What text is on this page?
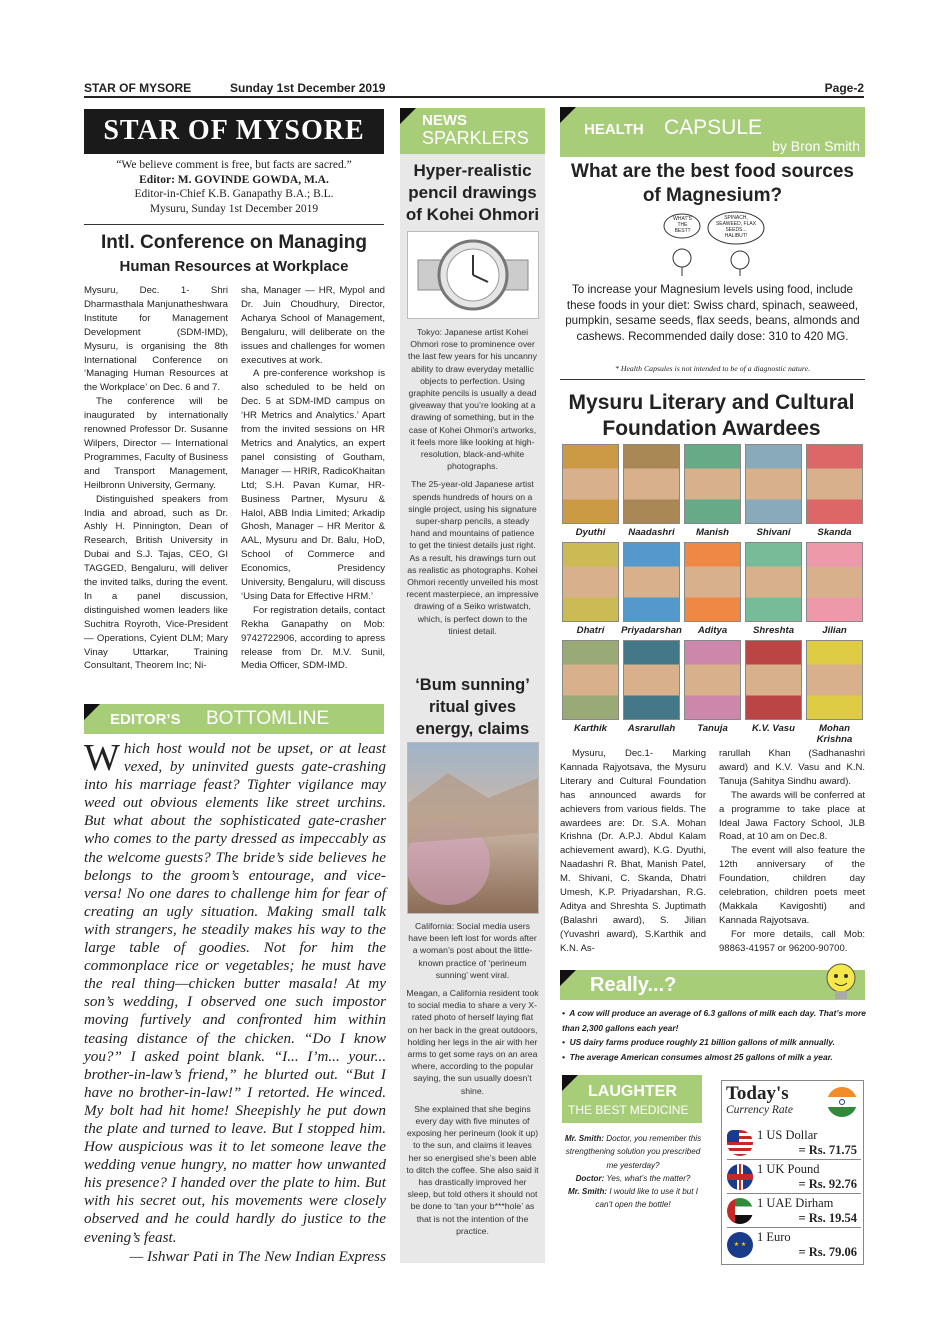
STAR OF MYSORE	Sunday 1st December 2019	Page-2
STAR OF MYSORE
“We believe comment is free, but facts are sacred.”
Editor: M. GOVINDE GOWDA, M.A.
Editor-in-Chief K.B. Ganapathy B.A.; B.L.
Mysuru, Sunday 1st December 2019
Intl. Conference on Managing
Human Resources at Workplace

Mysuru, Dec. 1- Shri Dharmasthala Manjunatheshwara Institute for Management Development (SDM-IMD), Mysuru, is organising the 8th International Conference on ‘Managing Human Resources at the Workplace’ on Dec. 6 and 7.

The conference will be inaugurated by internationally renowned Professor Dr. Susanne Wilpers, Director — International Programmes, Faculty of Business and Transport Management, Heilbronn University, Germany.

Distinguished speakers from India and abroad, such as Dr. Ashly H. Pinnington, Dean of Research, British University in Dubai and S.J. Tajas, CEO, GI TAGGED, Bengaluru, will deliver the invited talks, during the event. In a panel discussion, distinguished women leaders like Suchitra Royroth, Vice-President — Operations, Cyient DLM; Mary Vinay Uttarkar, Training Consultant, Theorem Inc; Ni-

sha, Manager — HR, Mypol and Dr. Juin Choudhury, Director, Acharya School of Management, Bengaluru, will deliberate on the issues and challenges for women executives at work.

A pre-conference workshop is also scheduled to be held on Dec. 5 at SDM-IMD campus on ‘HR Metrics and Analytics.’ Apart from the invited sessions on HR Metrics and Analytics, an expert panel consisting of Goutham, Manager — HRIR, RadicoKhaitan Ltd; S.H. Pavan Kumar, HR-Business Partner, Mysuru & Halol, ABB India Limited; Arkadip Ghosh, Manager – HR Meritor & AAL, Mysuru and Dr. Balu, HoD, School of Commerce and Economics, Presidency University, Bengaluru, will discuss ‘Using Data for Effective HRM.’

For registration details, contact Rekha Ganapathy on Mob: 9742722906, according to apress release from Dr. M.V. Sunil, Media Officer, SDM-IMD.

EDITOR’S BOTTOMLINE
Which host would not be upset, or at least vexed, by uninvited guests gate-crashing into his marriage feast? Tighter vigilance may weed out obvious elements like street urchins. But what about the sophisticated gate-crasher who comes to the party dressed as impeccably as the welcome guests? The bride’s side believes he belongs to the groom’s entourage, and vice-versa! No one dares to challenge him for fear of creating an ugly situation. Making small talk with strangers, he steadily makes his way to the large table of goodies. Not for him the commonplace rice or vegetables; he must have the real thing—chicken butter masala! At my son’s wedding, I observed one such impostor moving furtively and confronted him within teasing distance of the chicken. “Do I know you?” I asked point blank. “I... I’m... your... brother-in-law’s friend,” he blurted out. “But I have no brother-in-law!” I retorted. He winced. My bolt had hit home! Sheepishly he put down the plate and turned to leave. But I stopped him. How auspicious was it to let someone leave the wedding venue hungry, no matter how unwanted his presence? I handed over the plate to him. But with his secret out, his movements were closely observed and he could hardly do justice to the evening’s feast.
— Ishwar Pati in The New Indian Express
NEWS
SPARKLERS
Hyper-realistic pencil drawings of Kohei Ohmori

Tokyo: Japanese artist Kohei Ohmori rose to prominence over the last few years for his uncanny ability to draw everyday metallic objects to perfection. Using graphite pencils is usually a dead giveaway that you’re looking at a drawing of something, but in the case of Kohei Ohmori’s artworks, it feels more like looking at high-resolution, black-and-white photographs.

The 25-year-old Japanese artist spends hundreds of hours on a single project, using his signature super-sharp pencils, a steady hand and mountains of patience to get the tiniest details just right. As a result, his drawings turn out as realistic as photographs. Kohei Ohmori recently unveiled his most recent masterpiece, an impressive drawing of a Seiko wristwatch, which, is perfect down to the tiniest detail.

‘Bum sunning’ ritual gives energy, claims

California: Social media users have been left lost for words after a woman’s post about the little-known practice of ‘perineum sunning’ went viral.

Meagan, a California resident took to social media to share a very X-rated photo of herself laying flat on her back in the great outdoors, holding her legs in the air with her arms to get some rays on an area where, according to the popular saying, the sun usually doesn’t shine.

She explained that she begins every day with five minutes of exposing her perineum (look it up) to the sun, and claims it leaves her so energised she’s been able to ditch the coffee. She also said it has drastically improved her sleep, but told others it should not be done to ‘tan your b***hole’ as that is not the intention of the practice.

HEALTH CAPSULE
by Bron Smith
What are the best food sources of Magnesium?
WHAT'S THE BEST?
SPINACH, SEAWEED, FLAX SEEDS... HALIBUT!
To increase your Magnesium levels using food, include these foods in your diet: Swiss chard, spinach, seaweed, pumpkin, sesame seeds, flax seeds, beans, almonds and cashews. Recommended daily dose: 310 to 420 MG.
* Health Capsules is not intended to be of a diagnostic nature.
Mysuru Literary and Cultural Foundation Awardees
Dyuthi	Naadashri	Manish	Shivani	Skanda
Dhatri	Priyadarshan	Aditya	Shreshta	Jilian
Karthik	Asrarullah	Tanuja	K.V. Vasu	Mohan Krishna

Mysuru, Dec.1- Marking Kannada Rajyotsava, the Mysuru Literary and Cultural Foundation has announced awards for achievers from various fields. The awardees are: Dr. S.A. Mohan Krishna (Dr. A.P.J. Abdul Kalam achievement award), K.G. Dyuthi, Naadashri R. Bhat, Manish Patel, M. Shivani, C. Skanda, Dhatri Umesh, K.P. Priyadarshan, R.G. Aditya and Shreshta S. Juptimath (Balashri award), S. Jilian (Yuvashri award), S.Karthik and K.N. As-

rarullah Khan (Sadhanashri award) and K.V. Vasu and K.N. Tanuja (Sahitya Sindhu award).

The awards will be conferred at a programme to take place at Ideal Jawa Factory School, JLB Road, at 10 am on Dec.8.

The event will also feature the 12th anniversary of the Foundation, children day celebration, children poets meet (Makkala Kavigoshti) and Kannada Rajyotsava.

For more details, call Mob: 98863-41957 or 96200-90700.

Really...?
•  A cow will produce an average of 6.3 gallons of milk each day. That’s more than 2,300 gallons each year!
•  US dairy farms produce roughly 21 billion gallons of milk annually.
•  The average American consumes almost 25 gallons of milk a year.
LAUGHTER
THE BEST MEDICINE
Mr. Smith: Doctor, you remember this strengthening solution you prescribed me yesterday?
Doctor: Yes, what’s the matter?
Mr. Smith: I would like to use it but I can’t open the bottle!
Today's
Currency Rate
1 US Dollar
= Rs. 71.75
1 UK Pound
= Rs. 92.76
1 UAE Dirham
= Rs. 19.54
★ ★
1 Euro
= Rs. 79.06
